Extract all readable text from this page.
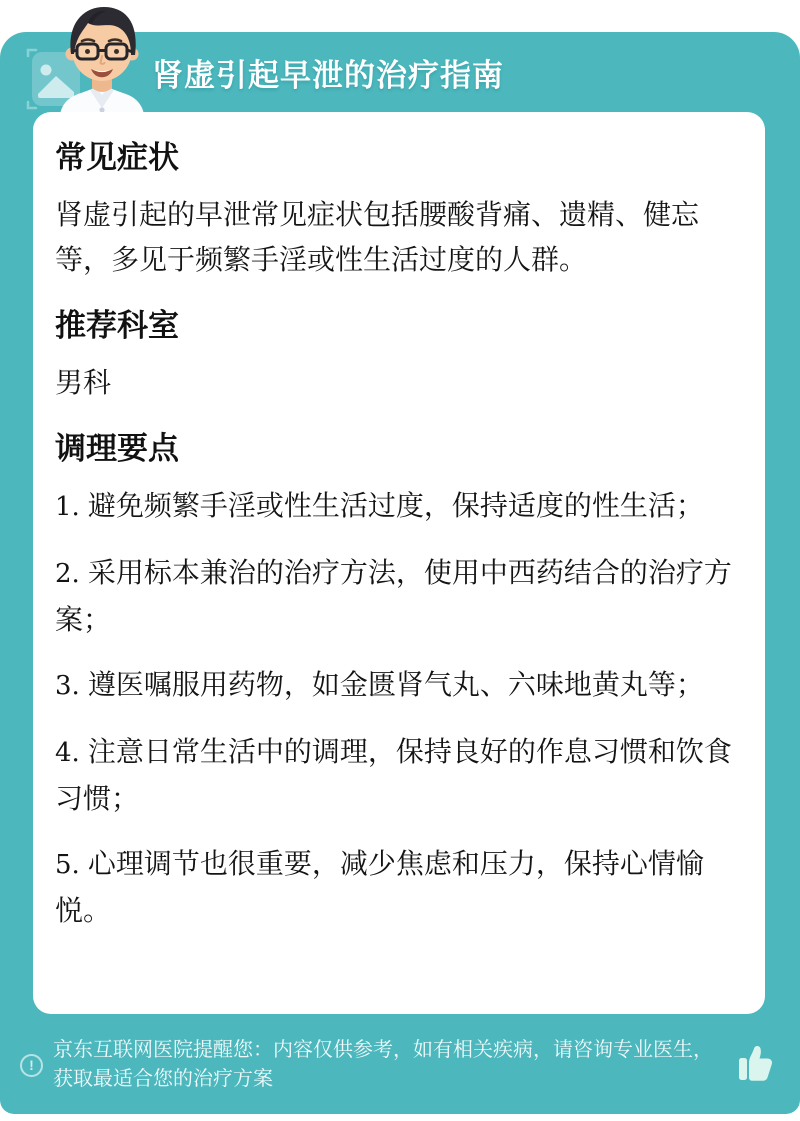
肾虚引起早泄的治疗指南
常见症状

肾虚引起的早泄常见症状包括腰酸背痛、遗精、健忘等，多见于频繁手淫或性生活过度的人群。

推荐科室

男科

调理要点

1. 避免频繁手淫或性生活过度，保持适度的性生活；

2. 采用标本兼治的治疗方法，使用中西药结合的治疗方案；

3. 遵医嘱服用药物，如金匮肾气丸、六味地黄丸等；

4. 注意日常生活中的调理，保持良好的作息习惯和饮食习惯；

5. 心理调节也很重要，减少焦虑和压力，保持心情愉悦。

!

京东互联网医院提醒您：内容仅供参考，如有相关疾病，请咨询专业医生，获取最适合您的治疗方案
